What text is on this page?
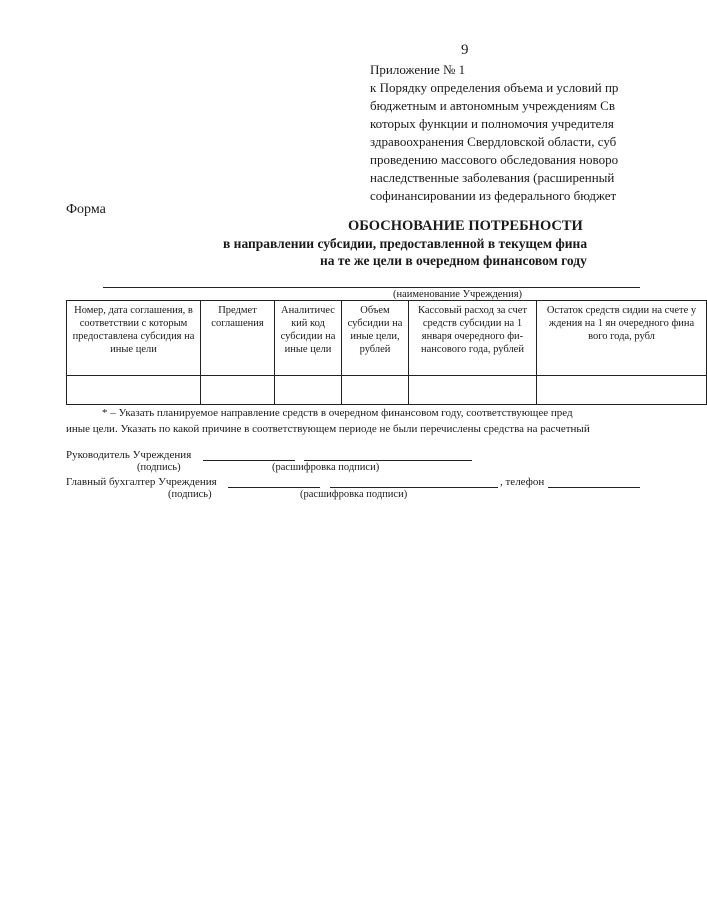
9
Приложение № 1
к Порядку определения объема и условий пр
бюджетным и автономным учреждениям Св
которых функции и полномочия учредителя
здравоохранения Свердловской области, суб
проведению массового обследования новоро
наследственные заболевания (расширенный
софинансировании из федерального бюджет
Форма
ОБОСНОВАНИЕ ПОТРЕБНОСТИ
в направлении субсидии, предоставленной в текущем фина
на те же цели в очередном финансовом году
(наименование Учреждения)
Номер, дата соглашения, в соответствии с которым предоставлена субсидия на иные цели	Предмет соглашения	Аналитичес кий код субсидии на иные цели	Объем субсидии на иные цели, рублей	Кассовый расход за счет средств субсидии на 1 января очередного фи- нансового года, рублей	Остаток средств сидии на счете у ждения на 1 ян очередного фина вого года, рубл

* – Указать планируемое направление средств в очередном финансовом году, соответствующее пред
иные цели. Указать по какой причине в соответствующем периоде не были перечислены средства на расчетный
Руководитель Учреждения
(подпись)	(расшифровка подписи)
Главный бухгалтер Учреждения	, телефон
(подпись)	(расшифровка подписи)
